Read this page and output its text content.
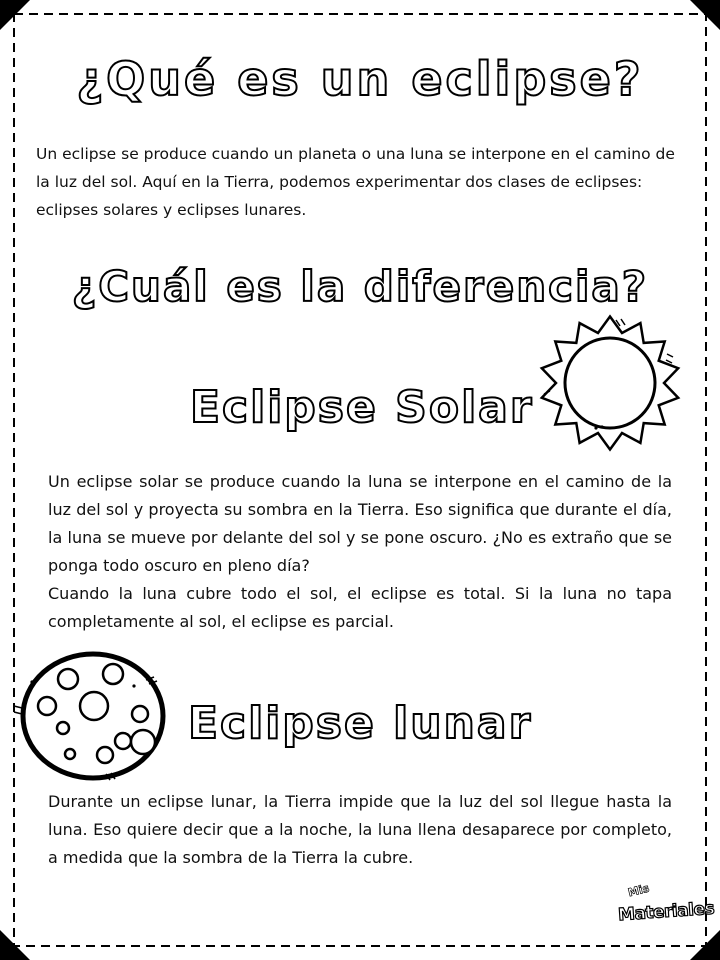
¿Qué es un eclipse?

Un eclipse se produce cuando un planeta o una luna se interpone en el camino de la luz del sol. Aquí en la Tierra, podemos experimentar dos clases de eclipses: eclipses solares y eclipses lunares.

¿Cuál es la diferencia?
Eclipse Solar
Un eclipse solar se produce cuando la luna se interpone en el camino de la luz del sol y proyecta su sombra en la Tierra. Eso significa que durante el día, la luna se mueve por delante del sol y se pone oscuro. ¿No es extraño que se ponga todo oscuro en pleno día?
Cuando la luna cubre todo el sol, el eclipse es total. Si la luna no tapa completamente al sol, el eclipse es parcial.
Eclipse lunar

Durante un eclipse lunar, la Tierra impide que la luz del sol llegue hasta la luna. Eso quiere decir que a la noche, la luna llena desaparece por completo, a medida que la sombra de la Tierra la cubre.

Mis
Materiales
